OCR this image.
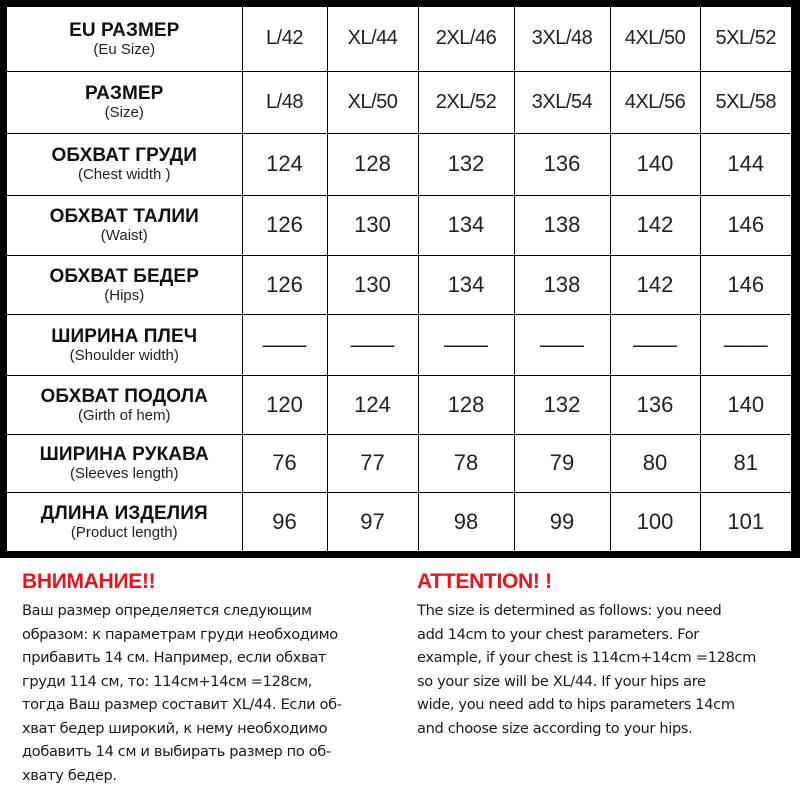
EU РАЗМЕР
(Eu Size)	L/42	XL/44	2XL/46	3XL/48	4XL/50	5XL/52

РАЗМЕР
(Size)	L/48	XL/50	2XL/52	3XL/54	4XL/56	5XL/58

ОБХВАТ ГРУДИ
(Chest width )	124	128	132	136	140	144

ОБХВАТ ТАЛИИ
(Waist)	126	130	134	138	142	146

ОБХВАТ БЕДЕР
(Hips)	126	130	134	138	142	146

ШИРИНА ПЛЕЧ
(Shoulder width)	——	——	——	——	——	——

ОБХВАТ ПОДОЛА
(Girth of hem)	120	124	128	132	136	140

ШИРИНА РУКАВА
(Sleeves length)	76	77	78	79	80	81

ДЛИНА ИЗДЕЛИЯ
(Product length)	96	97	98	99	100	101
ВНИМАНИЕ!!

Ваш размер определяется следующим
образом: к параметрам груди необходимо
прибавить 14 см. Например, если обхват
груди 114 см, то: 114см+14см =128см,
тогда Ваш размер составит XL/44. Если об-
хват бедер широкий, к нему необходимо
добавить 14 см и выбирать размер по об-
хвату бедер.

ATTENTION! !

The size is determined as follows: you need
add 14cm to your chest parameters. For
example, if your chest is 114cm+14cm =128cm
so your size will be XL/44. If your hips are
wide, you need add to hips parameters 14cm
and choose size according to your hips.
